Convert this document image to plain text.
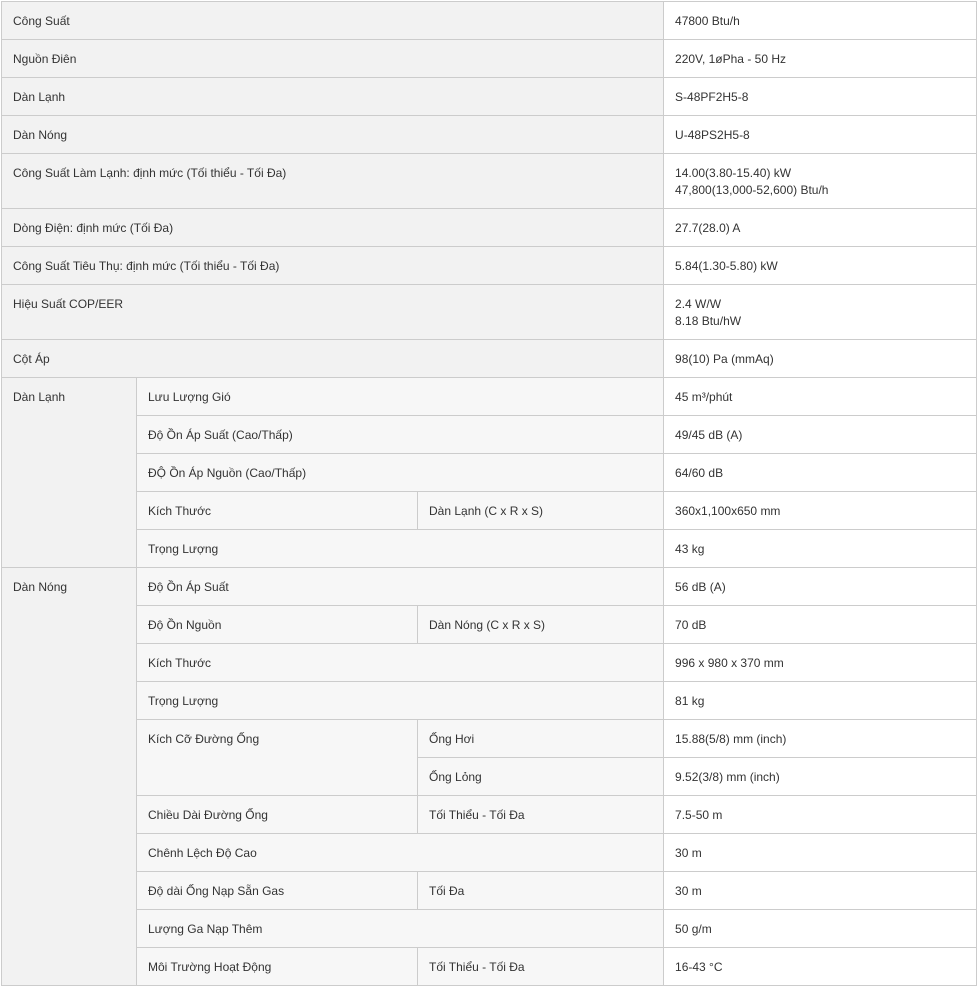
Công Suất			47800 Btu/h
Nguồn Điên			220V, 1øPha - 50 Hz
Dàn Lạnh			S-48PF2H5-8
Dàn Nóng			U-48PS2H5-8
Công Suất Làm Lạnh: định mức (Tối thiểu - Tối Đa)			14.00(3.80-15.40) kW
47,800(13,000-52,600) Btu/h

Dòng Điện: định mức (Tối Đa)			27.7(28.0) A
Công Suất Tiêu Thụ: định mức (Tối thiểu - Tối Đa)			5.84(1.30-5.80) kW
Hiệu Suất COP/EER			2.4 W/W
8.18 Btu/hW

Cột Áp			98(10) Pa (mmAq)
Dàn Lạnh	Lưu Lượng Gió		45 m³/phút
	Độ Ồn Áp Suất (Cao/Thấp)		49/45 dB (A)
	ĐỘ Ồn Áp Nguồn (Cao/Thấp)		64/60 dB
	Kích Thước	Dàn Lạnh (C x R x S)	360x1,100x650 mm
	Trọng Lượng		43 kg
Dàn Nóng	Độ Ồn Áp Suất		56 dB (A)
	Độ Ồn Nguồn	Dàn Nóng (C x R x S)	70 dB
	Kích Thước		996 x 980 x 370 mm
	Trọng Lượng		81 kg
	Kích Cỡ Đường Ống	Ống Hơi	15.88(5/8) mm (inch)
		Ống Lỏng	9.52(3/8) mm (inch)
	Chiều Dài Đường Ống	Tối Thiểu - Tối Đa	7.5-50 m
	Chênh Lệch Độ Cao		30 m
	Độ dài Ống Nạp Sẵn Gas	Tối Đa	30 m
	Lượng Ga Nạp Thêm		50 g/m
	Môi Trường Hoạt Động	Tối Thiểu - Tối Đa	16-43 °C
